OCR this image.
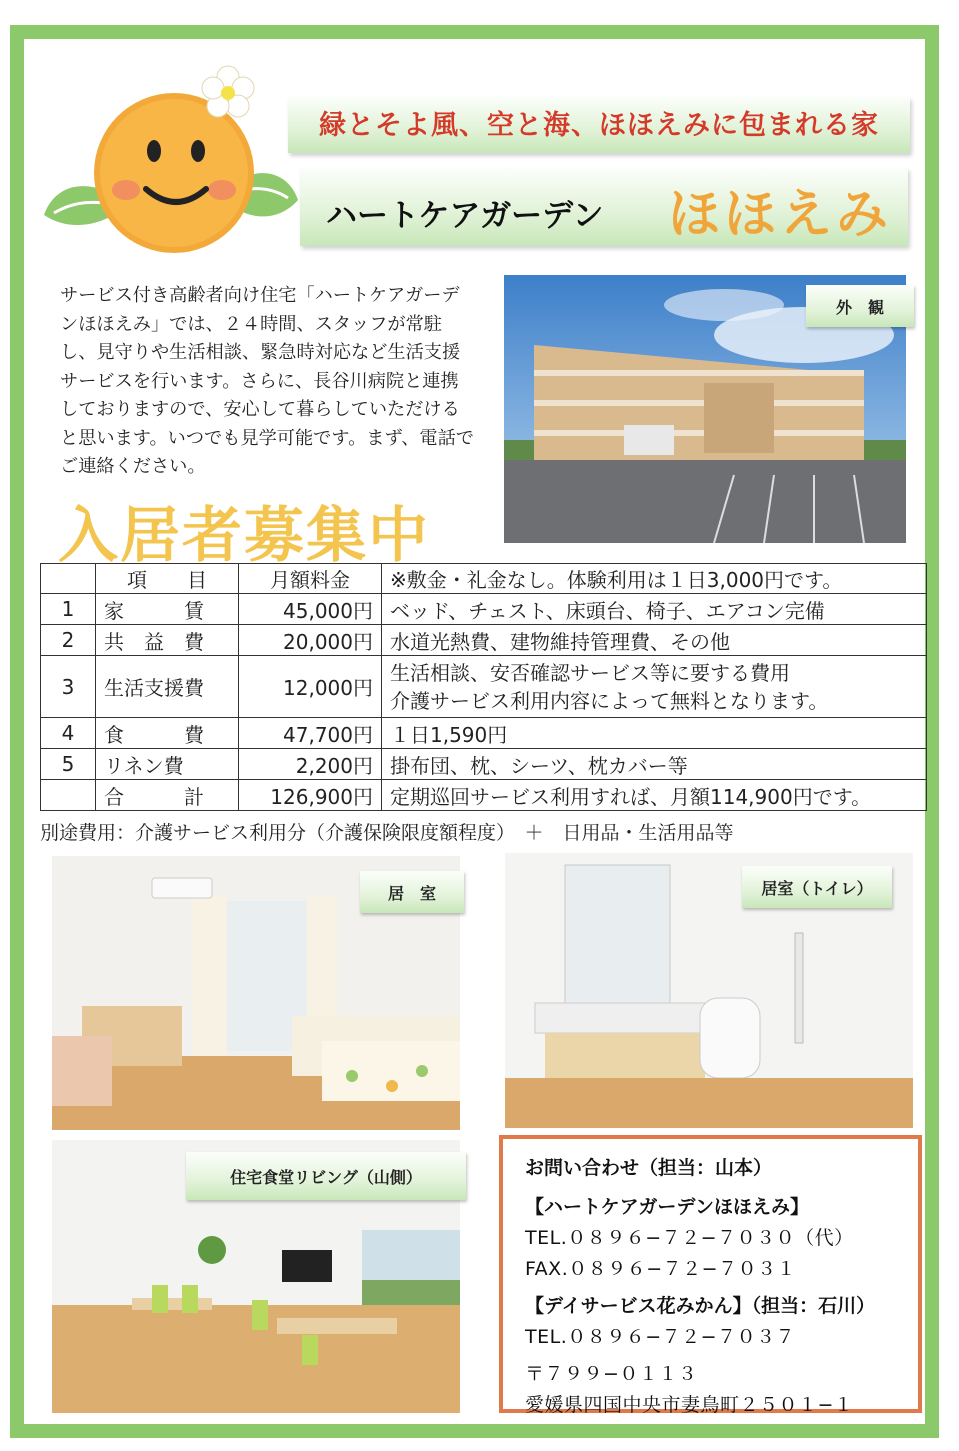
緑とそよ風、空と海、ほほえみに包まれる家
ハートケアガーデン ほほえみ
サービス付き高齢者向け住宅「ハートケアガーデンほほえみ」では、２４時間、スタッフが常駐し、見守りや生活相談、緊急時対応など生活支援サービスを行います。さらに、長谷川病院と連携しておりますので、安心して暮らしていただけると思います。いつでも見学可能です。まず、電話でご連絡ください。
入居者募集中
外　観
	項　　目	月額料金	※敷金・礼金なし。体験利用は１日3,000円です。
1	家　　　賃	45,000円	ベッド、チェスト、床頭台、椅子、エアコン完備
2	共　益　費	20,000円	水道光熱費、建物維持管理費、その他
3	生活支援費	12,000円	生活相談、安否確認サービス等に要する費用
介護サービス利用内容によって無料となります。

4	食　　　費	47,700円	１日1,590円
5	リネン費	2,200円	掛布団、枕、シーツ、枕カバー等
	合　　　計	126,900円	定期巡回サービス利用すれば、月額114,900円です。
別途費用：介護サービス利用分（介護保険限度額程度）　＋　日用品・生活用品等
居　室	居室（トイレ）
住宅食堂リビング（山側）	お問い合わせ（担当：山本）
【ハートケアガーデンほほえみ】
TEL.０８９６−７２−７０３０（代）
FAX.０８９６−７２−７０３１
【デイサービス花みかん】（担当：石川）
TEL.０８９６−７２−７０３７
〒７９９−０１１３
愛媛県四国中央市妻鳥町２５０１−１
